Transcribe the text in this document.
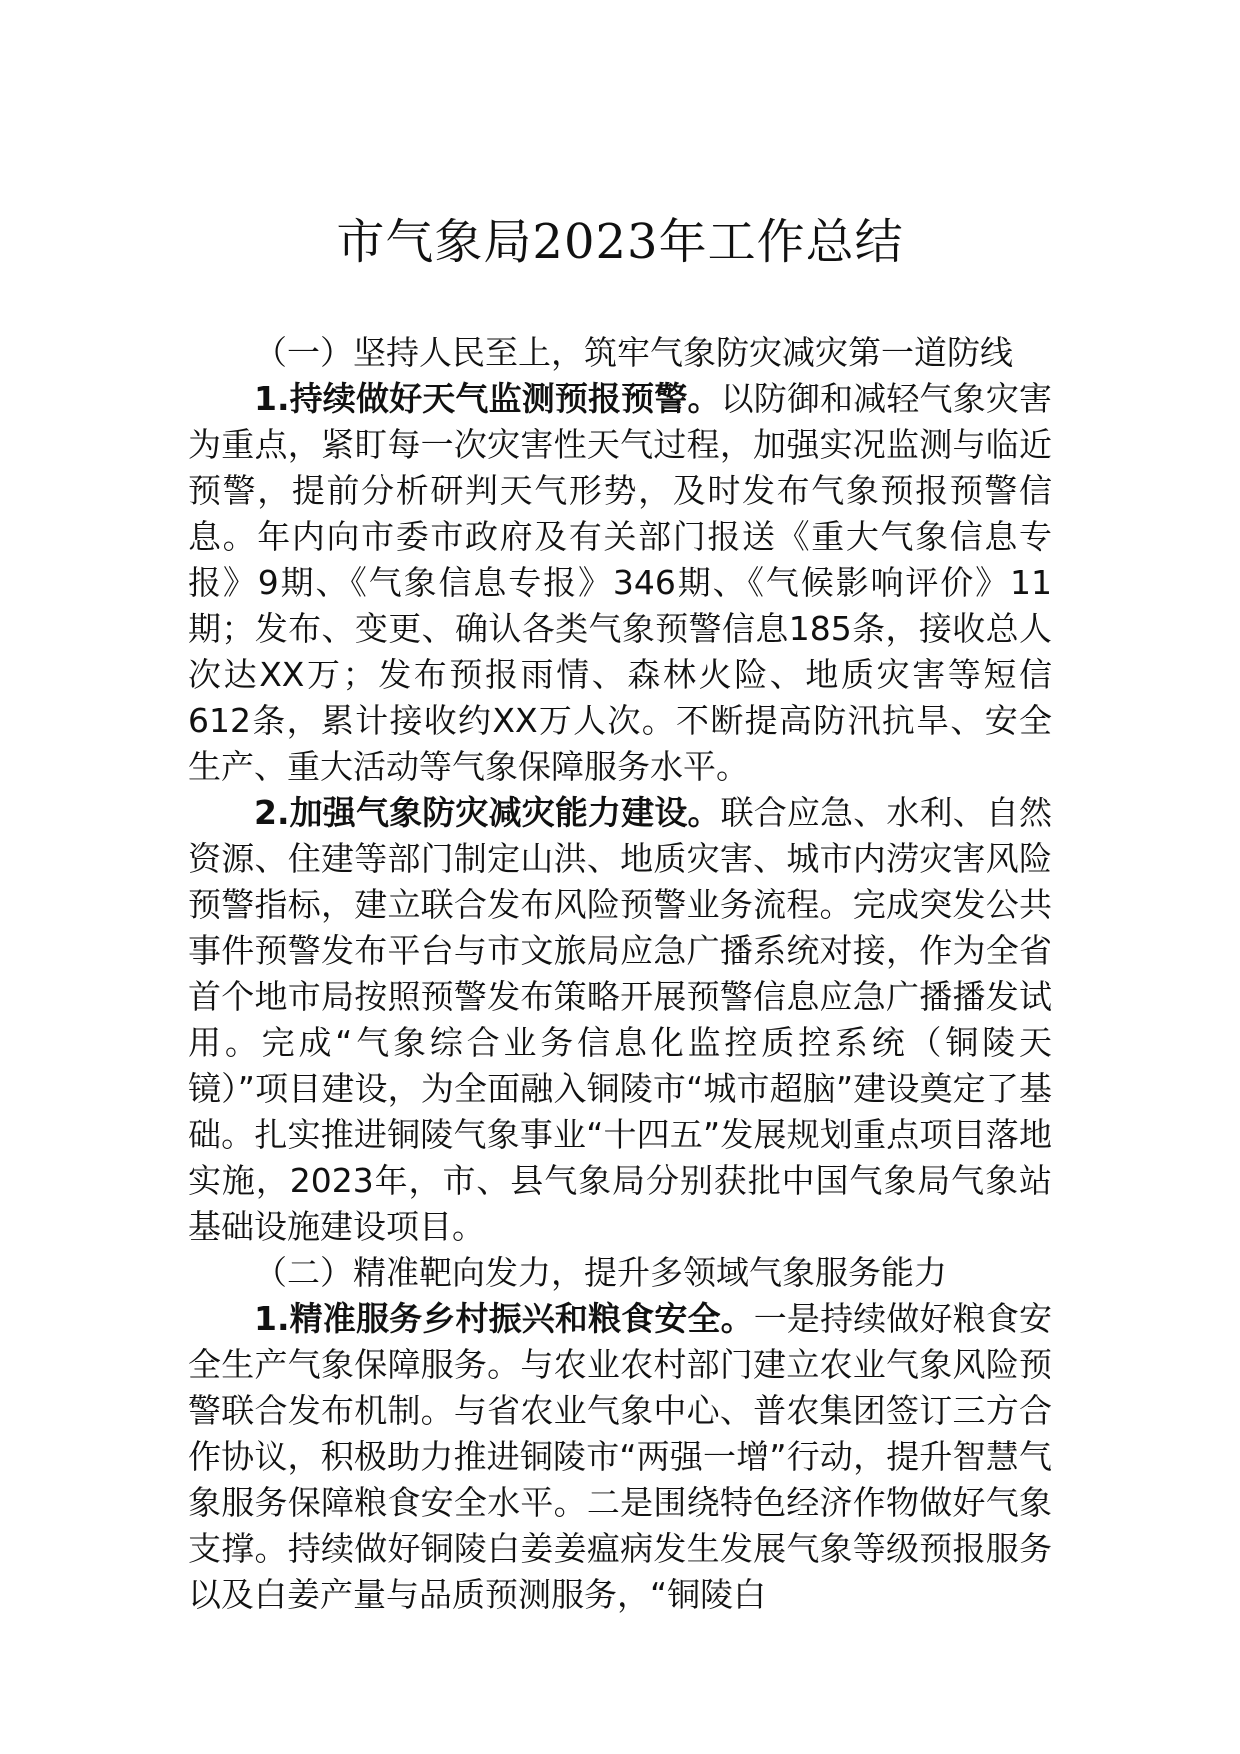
市气象局2023年工作总结

（一）坚持人民至上，筑牢气象防灾减灾第一道防线

1.持续做好天气监测预报预警。以防御和减轻气象灾害为重点，紧盯每一次灾害性天气过程，加强实况监测与临近预警，提前分析研判天气形势，及时发布气象预报预警信息。年内向市委市政府及有关部门报送《重大气象信息专报》9期、《气象信息专报》346期、《气候影响评价》11期；发布、变更、确认各类气象预警信息185条，接收总人次达XX万；发布预报雨情、森林火险、地质灾害等短信612条，累计接收约XX万人次。不断提高防汛抗旱、安全生产、重大活动等气象保障服务水平。

2.加强气象防灾减灾能力建设。联合应急、水利、自然资源、住建等部门制定山洪、地质灾害、城市内涝灾害风险预警指标，建立联合发布风险预警业务流程。完成突发公共事件预警发布平台与市文旅局应急广播系统对接，作为全省首个地市局按照预警发布策略开展预警信息应急广播播发试用。完成“气象综合业务信息化监控质控系统（铜陵天镜）”项目建设，为全面融入铜陵市“城市超脑”建设奠定了基础。扎实推进铜陵气象事业“十四五”发展规划重点项目落地实施，2023年，市、县气象局分别获批中国气象局气象站基础设施建设项目。

（二）精准靶向发力，提升多领域气象服务能力

1.精准服务乡村振兴和粮食安全。一是持续做好粮食安全生产气象保障服务。与农业农村部门建立农业气象风险预警联合发布机制。与省农业气象中心、普农集团签订三方合作协议，积极助力推进铜陵市“两强一增”行动，提升智慧气象服务保障粮食安全水平。二是围绕特色经济作物做好气象支撑。持续做好铜陵白姜姜瘟病发生发展气象等级预报服务以及白姜产量与品质预测服务，“铜陵白
